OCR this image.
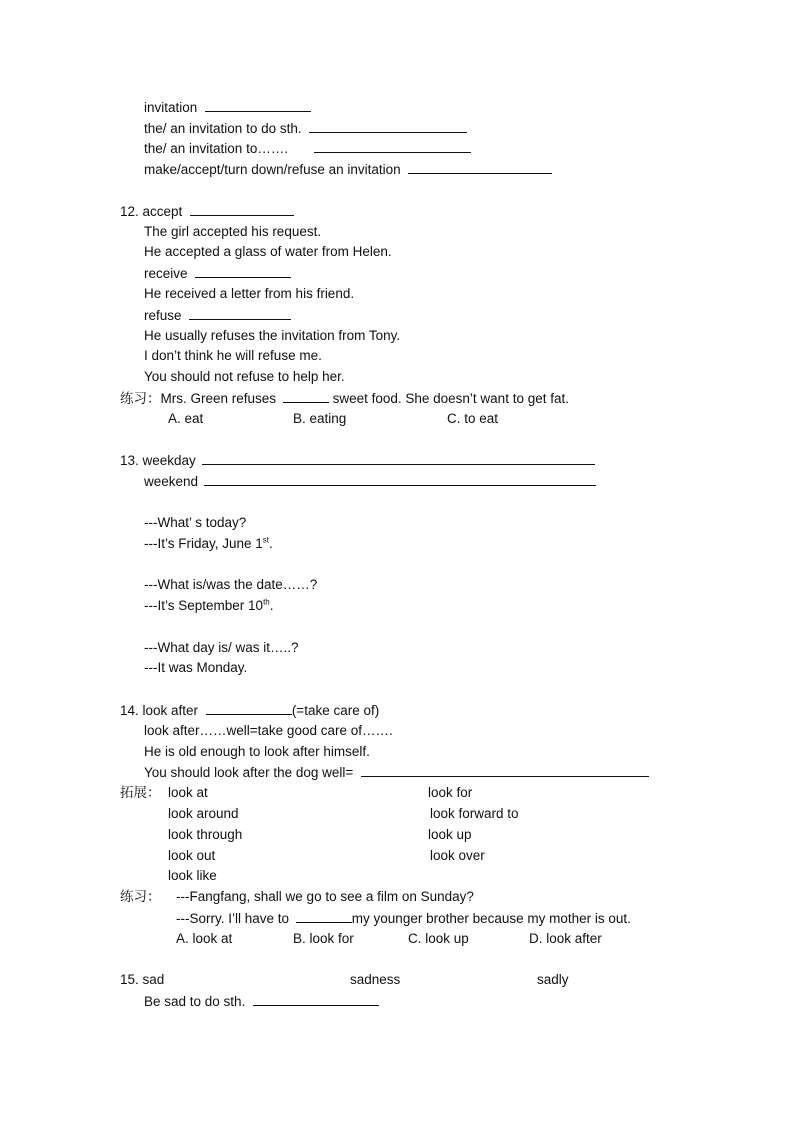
invitation
the/ an invitation to do sth.
the/ an invitation to…….
make/accept/turn down/refuse an invitation
12. accept
The girl accepted his request.
He accepted a glass of water from Helen.
receive
He received a letter from his friend.
refuse
He usually refuses the invitation from Tony.
I don’t think he will refuse me.
You should not refuse to help her.
练习：Mrs. Green refuses	sweet food. She doesn’t want to get fat.
A. eat	B. eating	C. to eat
13. weekday
weekend
---What’ s today?
---It’s Friday, June 1st.
---What is/was the date……?
---It’s September 10th.
---What day is/ was it…..?
---It was Monday.
14. look after	(=take care of)
look after……well=take good care of…….
He is old enough to look after himself.
You should look after the dog well=
拓展： look at	look for
look around	look forward to
look through	look up
look out	look over
look like
练习： ---Fangfang, shall we go to see a film on Sunday?
---Sorry. I’ll have to	my younger brother because my mother is out.
A. look at	B. look for	C. look up	D. look after
15. sad	sadness	sadly
Be sad to do sth.
